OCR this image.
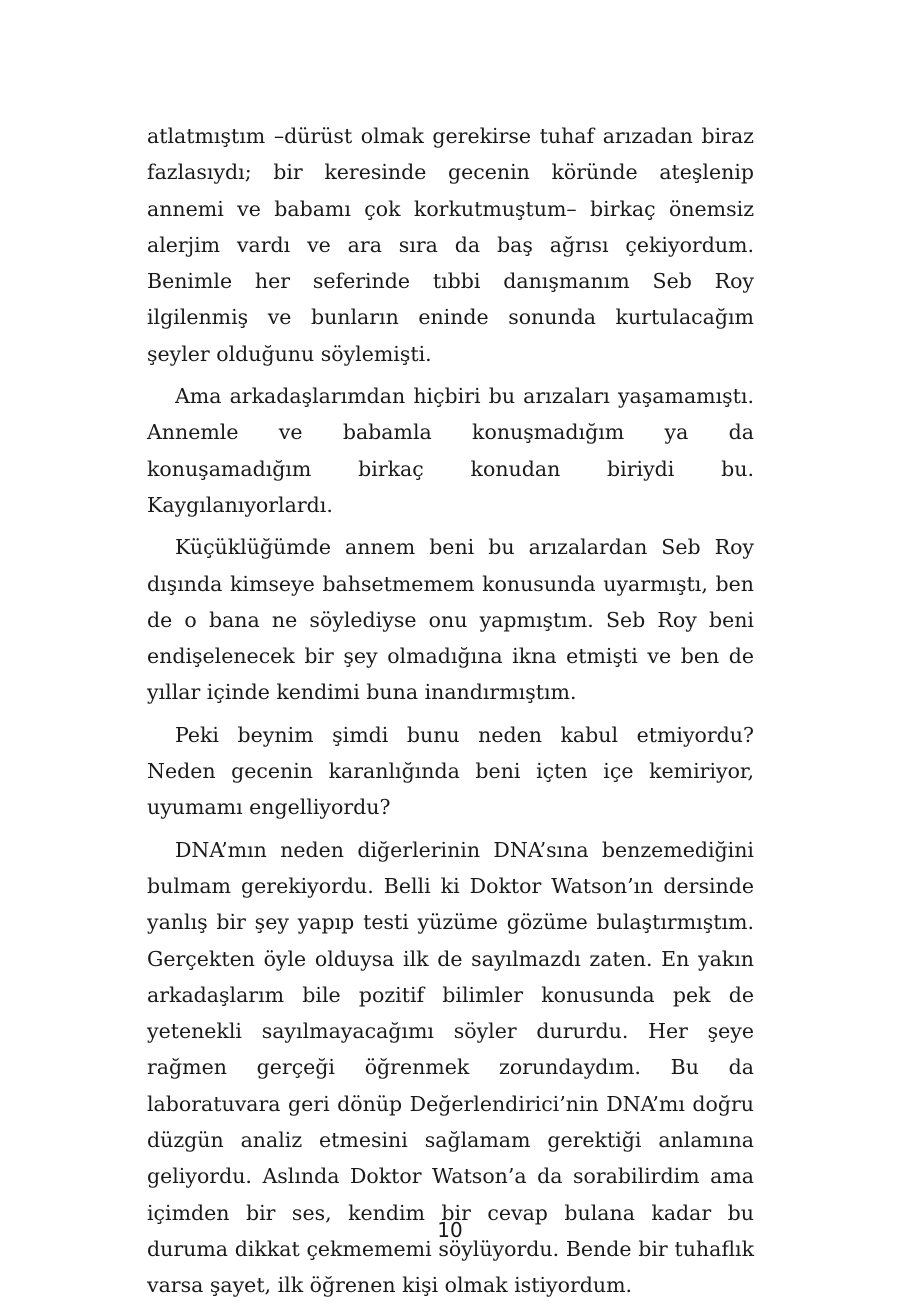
atlatmıştım –dürüst olmak gerekirse tuhaf arızadan biraz fazlasıydı; bir keresinde gecenin köründe ateşlenip annemi ve babamı çok korkutmuştum– birkaç önemsiz alerjim vardı ve ara sıra da baş ağrısı çekiyordum. Benimle her seferinde tıbbi danışmanım Seb Roy ilgilenmiş ve bunların eninde sonunda kurtulacağım şeyler olduğunu söylemişti.

Ama arkadaşlarımdan hiçbiri bu arızaları yaşamamıştı. Annemle ve babamla konuşmadığım ya da konuşamadığım birkaç konudan biriydi bu. Kaygılanıyorlardı.

Küçüklüğümde annem beni bu arızalardan Seb Roy dışında kimseye bahsetmemem konusunda uyarmıştı, ben de o bana ne söylediyse onu yapmıştım. Seb Roy beni endişelenecek bir şey olmadığına ikna etmişti ve ben de yıllar içinde kendimi buna inandırmıştım.

Peki beynim şimdi bunu neden kabul etmiyordu? Neden gecenin karanlığında beni içten içe kemiriyor, uyumamı engelliyordu?

DNA’mın neden diğerlerinin DNA’sına benzemediğini bulmam gerekiyordu. Belli ki Doktor Watson’ın dersinde yanlış bir şey yapıp testi yüzüme gözüme bulaştırmıştım. Gerçekten öyle olduysa ilk de sayılmazdı zaten. En yakın arkadaşlarım bile pozitif bilimler konusunda pek de yetenekli sayılmayacağımı söyler dururdu. Her şeye rağmen gerçeği öğrenmek zorundaydım. Bu da laboratuvara geri dönüp Değerlendirici’nin DNA’mı doğru düzgün analiz etmesini sağlamam gerektiği anlamına geliyordu. Aslında Doktor Watson’a da sorabilirdim ama içimden bir ses, kendim bir cevap bulana kadar bu duruma dikkat çekmememi söylüyordu. Bende bir tuhaflık varsa şayet, ilk öğrenen kişi olmak istiyordum.

10
